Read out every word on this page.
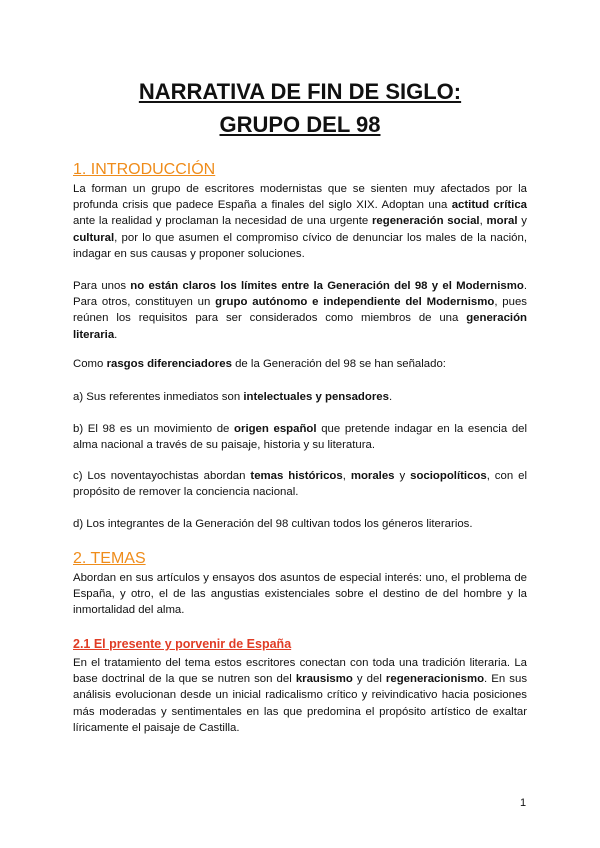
NARRATIVA DE FIN DE SIGLO:
GRUPO DEL 98
1. INTRODUCCIÓN
La forman un grupo de escritores modernistas que se sienten muy afectados por la profunda crisis que padece España a finales del siglo XIX. Adoptan una actitud crítica ante la realidad y proclaman la necesidad de una urgente regeneración social, moral y cultural, por lo que asumen el compromiso cívico de denunciar los males de la nación, indagar en sus causas y proponer soluciones.
Para unos no están claros los límites entre la Generación del 98 y el Modernismo. Para otros, constituyen un grupo autónomo e independiente del Modernismo, pues reúnen los requisitos para ser considerados como miembros de una generación literaria.
Como rasgos diferenciadores de la Generación del 98 se han señalado:
a) Sus referentes inmediatos son intelectuales y pensadores.
b) El 98 es un movimiento de origen español que pretende indagar en la esencia del alma nacional a través de su paisaje, historia y su literatura.
c) Los noventayochistas abordan temas históricos, morales y sociopolíticos, con el propósito de remover la conciencia nacional.
d) Los integrantes de la Generación del 98 cultivan todos los géneros literarios.
2. TEMAS
Abordan en sus artículos y ensayos dos asuntos de especial interés: uno, el problema de España, y otro, el de las angustias existenciales sobre el destino de del hombre y la inmortalidad del alma.
2.1 El presente y porvenir de España
En el tratamiento del tema estos escritores conectan con toda una tradición literaria. La base doctrinal de la que se nutren son del krausismo y del regeneracionismo. En sus análisis evolucionan desde un inicial radicalismo crítico y reivindicativo hacia posiciones más moderadas y sentimentales en las que predomina el propósito artístico de exaltar líricamente el paisaje de Castilla.
1
